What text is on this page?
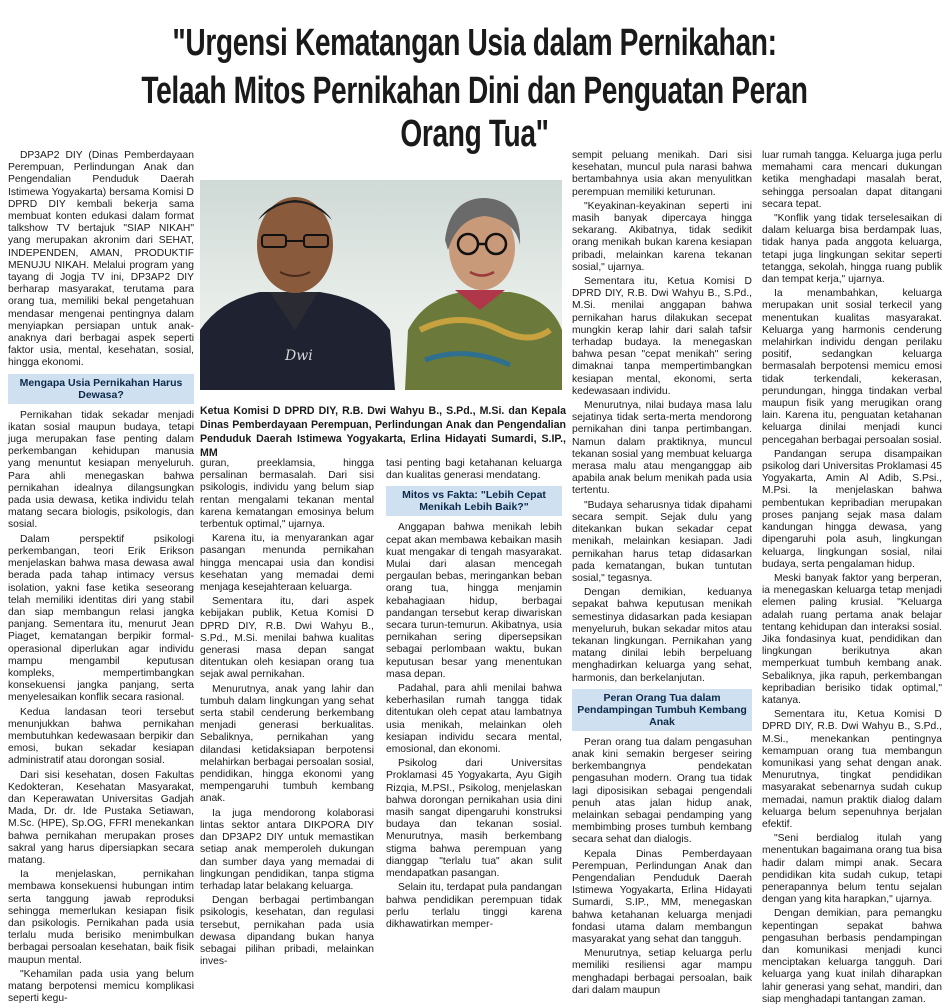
"Urgensi Kematangan Usia dalam Pernikahan:
Telaah Mitos Pernikahan Dini dan Penguatan Peran Orang Tua"

DP3AP2 DIY (Dinas Pemberdayaan Perempuan, Perlindungan Anak dan Pengendalian Penduduk Daerah Istimewa Yogyakarta) bersama Komisi D DPRD DIY kembali bekerja sama membuat konten edukasi dalam format talkshow TV bertajuk "SIAP NIKAH" yang merupakan akronim dari SEHAT, INDEPENDEN, AMAN, PRODUKTIF MENUJU NIKAH. Melalui program yang tayang di Jogja TV ini, DP3AP2 DIY berharap masyarakat, terutama para orang tua, memiliki bekal pengetahuan mendasar mengenai pentingnya dalam menyiapkan persiapan untuk anak-anaknya dari berbagai aspek seperti faktor usia, mental, kesehatan, sosial, hingga ekonomi.

Mengapa Usia Pernikahan Harus Dewasa?

Pernikahan tidak sekadar menjadi ikatan sosial maupun budaya, tetapi juga merupakan fase penting dalam perkembangan kehidupan manusia yang menuntut kesiapan menyeluruh. Para ahli menegaskan bahwa pernikahan idealnya dilangsungkan pada usia dewasa, ketika individu telah matang secara biologis, psikologis, dan sosial.

Dalam perspektif psikologi perkembangan, teori Erik Erikson menjelaskan bahwa masa dewasa awal berada pada tahap intimacy versus isolation, yakni fase ketika seseorang telah memiliki identitas diri yang stabil dan siap membangun relasi jangka panjang. Sementara itu, menurut Jean Piaget, kematangan berpikir formal-operasional diperlukan agar individu mampu mengambil keputusan kompleks, mempertimbangkan konsekuensi jangka panjang, serta menyelesaikan konflik secara rasional.

Kedua landasan teori tersebut menunjukkan bahwa pernikahan membutuhkan kedewasaan berpikir dan emosi, bukan sekadar kesiapan administratif atau dorongan sosial.

Dari sisi kesehatan, dosen Fakultas Kedokteran, Kesehatan Masyarakat, dan Keperawatan Universitas Gadjah Mada, Dr. dr. Ide Pustaka Setiawan, M.Sc. (HPE), Sp.OG, FFRI menekankan bahwa pernikahan merupakan proses sakral yang harus dipersiapkan secara matang.

Ia menjelaskan, pernikahan membawa konsekuensi hubungan intim serta tanggung jawab reproduksi sehingga memerlukan kesiapan fisik dan psikologis. Pernikahan pada usia terlalu muda berisiko menimbulkan berbagai persoalan kesehatan, baik fisik maupun mental.

"Kehamilan pada usia yang belum matang berpotensi memicu komplikasi seperti kegu-

Dwi
Ketua Komisi D DPRD DIY, R.B. Dwi Wahyu B., S.Pd., M.Si. dan Kepala Dinas Pemberdayaan Perempuan, Perlindungan Anak dan Pengendalian Penduduk Daerah Istimewa Yogyakarta, Erlina Hidayati Sumardi, S.IP., MM

guran, preeklamsia, hingga persalinan bermasalah. Dari sisi psikologis, individu yang belum siap rentan mengalami tekanan mental karena kematangan emosinya belum terbentuk optimal," ujarnya.

Karena itu, ia menyarankan agar pasangan menunda pernikahan hingga mencapai usia dan kondisi kesehatan yang memadai demi menjaga kesejahteraan keluarga.

Sementara itu, dari aspek kebijakan publik, Ketua Komisi D DPRD DIY, R.B. Dwi Wahyu B., S.Pd., M.Si. menilai bahwa kualitas generasi masa depan sangat ditentukan oleh kesiapan orang tua sejak awal pernikahan.

Menurutnya, anak yang lahir dan tumbuh dalam lingkungan yang sehat serta stabil cenderung berkembang menjadi generasi berkualitas. Sebaliknya, pernikahan yang dilandasi ketidaksiapan berpotensi melahirkan berbagai persoalan sosial, pendidikan, hingga ekonomi yang mempengaruhi tumbuh kembang anak.

Ia juga mendorong kolaborasi lintas sektor antara DIKPORA DIY dan DP3AP2 DIY untuk memastikan setiap anak memperoleh dukungan dan sumber daya yang memadai di lingkungan pendidikan, tanpa stigma terhadap latar belakang keluarga.

Dengan berbagai pertimbangan psikologis, kesehatan, dan regulasi tersebut, pernikahan pada usia dewasa dipandang bukan hanya sebagai pilihan pribadi, melainkan inves-

tasi penting bagi ketahanan keluarga dan kualitas generasi mendatang.

Mitos vs Fakta: "Lebih Cepat Menikah Lebih Baik?"

Anggapan bahwa menikah lebih cepat akan membawa kebaikan masih kuat mengakar di tengah masyarakat. Mulai dari alasan mencegah pergaulan bebas, meringankan beban orang tua, hingga menjamin kebahagiaan hidup, berbagai pandangan tersebut kerap diwariskan secara turun-temurun. Akibatnya, usia pernikahan sering dipersepsikan sebagai perlombaan waktu, bukan keputusan besar yang menentukan masa depan.

Padahal, para ahli menilai bahwa keberhasilan rumah tangga tidak ditentukan oleh cepat atau lambatnya usia menikah, melainkan oleh kesiapan individu secara mental, emosional, dan ekonomi.

Psikolog dari Universitas Proklamasi 45 Yogyakarta, Ayu Gigih Rizqia, M.PSI., Psikolog, menjelaskan bahwa dorongan pernikahan usia dini masih sangat dipengaruhi konstruksi budaya dan tekanan sosial. Menurutnya, masih berkembang stigma bahwa perempuan yang dianggap "terlalu tua" akan sulit mendapatkan pasangan.

Selain itu, terdapat pula pandangan bahwa pendidikan perempuan tidak perlu terlalu tinggi karena dikhawatirkan memper-

sempit peluang menikah. Dari sisi kesehatan, muncul pula narasi bahwa bertambahnya usia akan menyulitkan perempuan memiliki keturunan.

"Keyakinan-keyakinan seperti ini masih banyak dipercaya hingga sekarang. Akibatnya, tidak sedikit orang menikah bukan karena kesiapan pribadi, melainkan karena tekanan sosial," ujarnya.

Sementara itu, Ketua Komisi D DPRD DIY, R.B. Dwi Wahyu B., S.Pd., M.Si. menilai anggapan bahwa pernikahan harus dilakukan secepat mungkin kerap lahir dari salah tafsir terhadap budaya. Ia menegaskan bahwa pesan "cepat menikah" sering dimaknai tanpa mempertimbangkan kesiapan mental, ekonomi, serta kedewasaan individu.

Menurutnya, nilai budaya masa lalu sejatinya tidak serta-merta mendorong pernikahan dini tanpa pertimbangan. Namun dalam praktiknya, muncul tekanan sosial yang membuat keluarga merasa malu atau menganggap aib apabila anak belum menikah pada usia tertentu.

"Budaya seharusnya tidak dipahami secara sempit. Sejak dulu yang ditekankan bukan sekadar cepat menikah, melainkan kesiapan. Jadi pernikahan harus tetap didasarkan pada kematangan, bukan tuntutan sosial," tegasnya.

Dengan demikian, keduanya sepakat bahwa keputusan menikah semestinya didasarkan pada kesiapan menyeluruh, bukan sekadar mitos atau tekanan lingkungan. Pernikahan yang matang dinilai lebih berpeluang menghadirkan keluarga yang sehat, harmonis, dan berkelanjutan.

Peran Orang Tua dalam Pendampingan Tumbuh Kembang Anak

Peran orang tua dalam pengasuhan anak kini semakin bergeser seiring berkembangnya pendekatan pengasuhan modern. Orang tua tidak lagi diposisikan sebagai pengendali penuh atas jalan hidup anak, melainkan sebagai pendamping yang membimbing proses tumbuh kembang secara sehat dan dialogis.

Kepala Dinas Pemberdayaan Perempuan, Perlindungan Anak dan Pengendalian Penduduk Daerah Istimewa Yogyakarta, Erlina Hidayati Sumardi, S.IP., MM, menegaskan bahwa ketahanan keluarga menjadi fondasi utama dalam membangun masyarakat yang sehat dan tangguh.

Menurutnya, setiap keluarga perlu memiliki resiliensi agar mampu menghadapi berbagai persoalan, baik dari dalam maupun

luar rumah tangga. Keluarga juga perlu memahami cara mencari dukungan ketika menghadapi masalah berat, sehingga persoalan dapat ditangani secara tepat.

"Konflik yang tidak terselesaikan di dalam keluarga bisa berdampak luas, tidak hanya pada anggota keluarga, tetapi juga lingkungan sekitar seperti tetangga, sekolah, hingga ruang publik dan tempat kerja," ujarnya.

Ia menambahkan, keluarga merupakan unit sosial terkecil yang menentukan kualitas masyarakat. Keluarga yang harmonis cenderung melahirkan individu dengan perilaku positif, sedangkan keluarga bermasalah berpotensi memicu emosi tidak terkendali, kekerasan, perundungan, hingga tindakan verbal maupun fisik yang merugikan orang lain. Karena itu, penguatan ketahanan keluarga dinilai menjadi kunci pencegahan berbagai persoalan sosial.

Pandangan serupa disampaikan psikolog dari Universitas Proklamasi 45 Yogyakarta, Amin Al Adib, S.Psi., M.Psi. Ia menjelaskan bahwa pembentukan kepribadian merupakan proses panjang sejak masa dalam kandungan hingga dewasa, yang dipengaruhi pola asuh, lingkungan keluarga, lingkungan sosial, nilai budaya, serta pengalaman hidup.

Meski banyak faktor yang berperan, ia menegaskan keluarga tetap menjadi elemen paling krusial. "Keluarga adalah ruang pertama anak belajar tentang kehidupan dan interaksi sosial. Jika fondasinya kuat, pendidikan dan lingkungan berikutnya akan memperkuat tumbuh kembang anak. Sebaliknya, jika rapuh, perkembangan kepribadian berisiko tidak optimal," katanya.

Sementara itu, Ketua Komisi D DPRD DIY, R.B. Dwi Wahyu B., S.Pd., M.Si., menekankan pentingnya kemampuan orang tua membangun komunikasi yang sehat dengan anak. Menurutnya, tingkat pendidikan masyarakat sebenarnya sudah cukup memadai, namun praktik dialog dalam keluarga belum sepenuhnya berjalan efektif.

"Seni berdialog itulah yang menentukan bagaimana orang tua bisa hadir dalam mimpi anak. Secara pendidikan kita sudah cukup, tetapi penerapannya belum tentu sejalan dengan yang kita harapkan," ujarnya.

Dengan demikian, para pemangku kepentingan sepakat bahwa pengasuhan berbasis pendampingan dan komunikasi menjadi kunci menciptakan keluarga tangguh. Dari keluarga yang kuat inilah diharapkan lahir generasi yang sehat, mandiri, dan siap menghadapi tantangan zaman.
